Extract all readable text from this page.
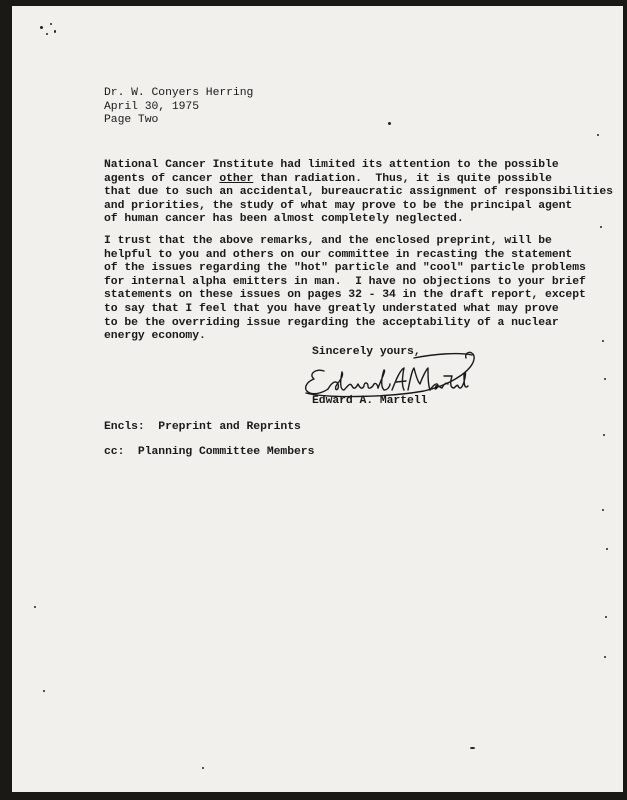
Dr. W. Conyers Herring
April 30, 1975
Page Two
National Cancer Institute had limited its attention to the possible
agents of cancer other than radiation.  Thus, it is quite possible
that due to such an accidental, bureaucratic assignment of responsibilities
and priorities, the study of what may prove to be the principal agent
of human cancer has been almost completely neglected.
I trust that the above remarks, and the enclosed preprint, will be
helpful to you and others on our committee in recasting the statement
of the issues regarding the "hot" particle and "cool" particle problems
for internal alpha emitters in man.  I have no objections to your brief
statements on these issues on pages 32 - 34 in the draft report, except
to say that I feel that you have greatly understated what may prove
to be the overriding issue regarding the acceptability of a nuclear
energy economy.
Sincerely yours,
Edward A. Martell
Encls:  Preprint and Reprints
cc:  Planning Committee Members
